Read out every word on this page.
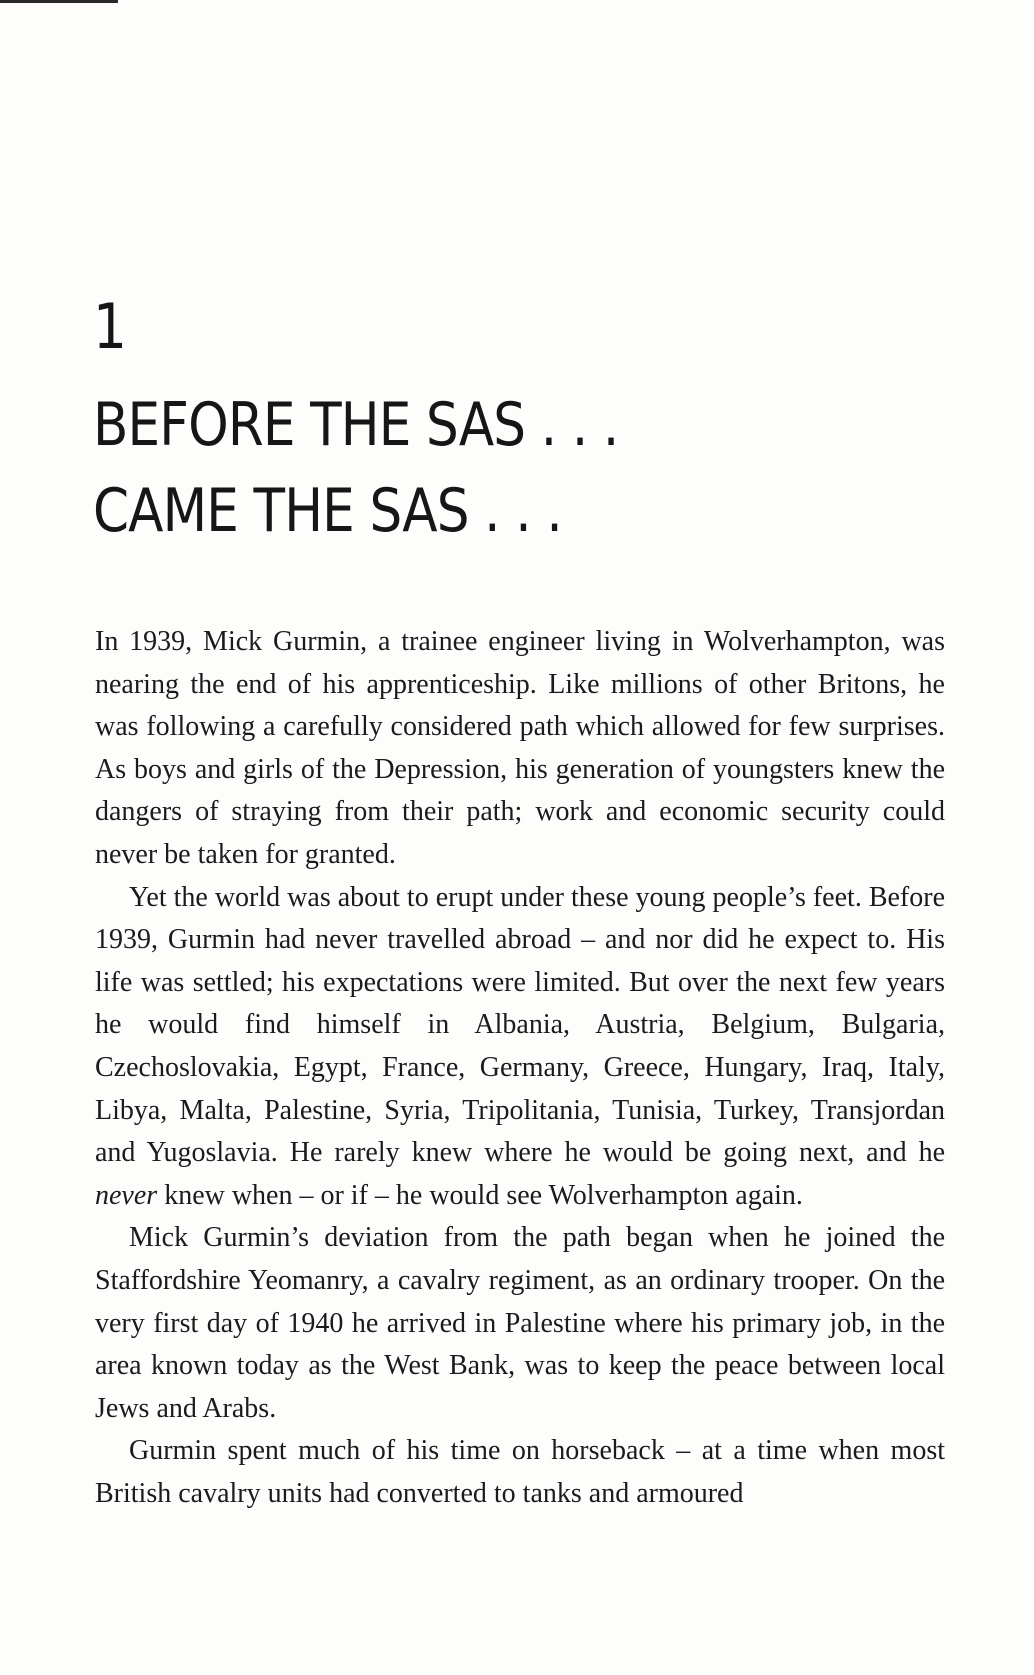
1
BEFORE THE SAS . . .
CAME THE SAS . . .

In 1939, Mick Gurmin, a trainee engineer living in Wolverhampton, was nearing the end of his apprenticeship. Like millions of other Britons, he was following a carefully considered path which allowed for few surprises. As boys and girls of the Depression, his generation of youngsters knew the dangers of straying from their path; work and economic security could never be taken for granted.

Yet the world was about to erupt under these young people’s feet. Before 1939, Gurmin had never travelled abroad – and nor did he expect to. His life was settled; his expectations were limited. But over the next few years he would find himself in Albania, Austria, Belgium, Bulgaria, Czechoslovakia, Egypt, France, Germany, Greece, Hungary, Iraq, Italy, Libya, Malta, Palestine, Syria, Tripolitania, Tunisia, Turkey, Transjordan and Yugoslavia. He rarely knew where he would be going next, and he never knew when – or if – he would see Wolverhampton again.

Mick Gurmin’s deviation from the path began when he joined the Staffordshire Yeomanry, a cavalry regiment, as an ordinary trooper. On the very first day of 1940 he arrived in Palestine where his primary job, in the area known today as the West Bank, was to keep the peace between local Jews and Arabs.

Gurmin spent much of his time on horseback – at a time when most British cavalry units had converted to tanks and armoured
